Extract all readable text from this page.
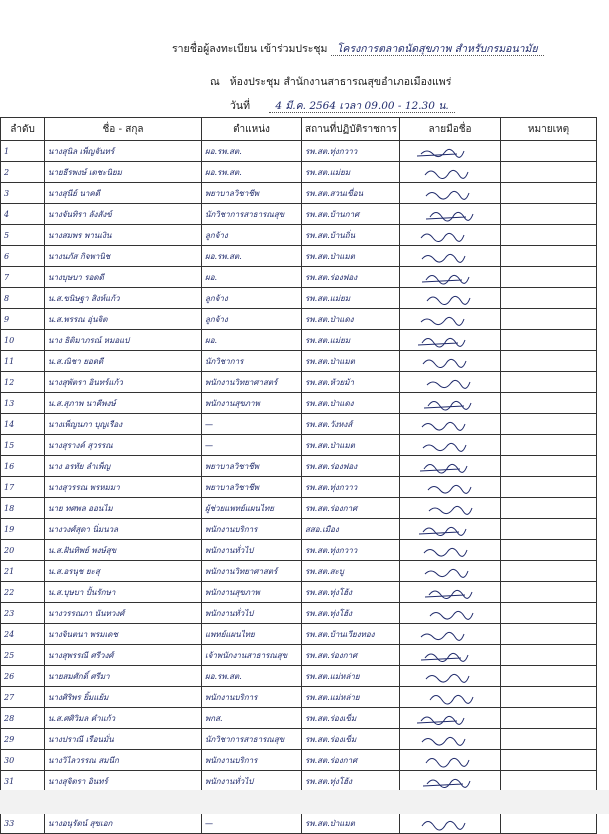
รายชื่อผู้ลงทะเบียน เข้าร่วมประชุม โครงการตลาดนัดสุขภาพ สำหรับกรมอนามัย
ณ ห้องประชุม สำนักงานสาธารณสุขอำเภอเมืองแพร่
วันที่ 4 มี.ค. 2564 เวลา 09.00 - 12.30 น.
ลำดับ	ชื่อ - สกุล	ตำแหน่ง	สถานที่ปฏิบัติราชการ	ลายมือชื่อ	หมายเหตุ
1	นางสุนิล เพ็ญจันทร์	ผอ.รพ.สต.	รพ.สต.ทุ่งกวาว	

2	นายธีรพงษ์ เตชะนิยม	ผอ.รพ.สต.	รพ.สต.แม่ยม	

3	นางสุนีย์ นาคดี	พยาบาลวิชาชีพ	รพ.สต.สวนเขื่อน	

4	นางจันทิรา ลังสังข์	นักวิชาการสาธารณสุข	รพ.สต.บ้านกาศ	

5	นางสมพร พานเงิน	ลูกจ้าง	รพ.สต.บ้านถิ่น	

6	นางนภัส กิจพานิช	ผอ.รพ.สต.	รพ.สต.ป่าแมต	

7	นางบุษบา รอดดี	ผอ.	รพ.สต.ร่องฟอง	

8	น.ส.ขนิษฐา สิงห์แก้ว	ลูกจ้าง	รพ.สต.แม่ยม	

9	น.ส.พรรณ อุ่นจิต	ลูกจ้าง	รพ.สต.ป่าแดง	

10	นาง ธิติมาภรณ์ หมอแป	ผอ.	รพ.สต.แม่ยม	

11	น.ส.ณิชา ยอดดี	นักวิชาการ	รพ.สต.ป่าแมต	

12	นางสุพัตรา อินทร์แก้ว	พนักงานวิทยาศาสตร์	รพ.สต.ห้วยม้า	

13	น.ส.สุภาพ นาคีพงษ์	พนักงานสุขภาพ	รพ.สต.ป่าแดง	

14	นางเพ็ญนภา บุญเรือง	—	รพ.สต.วังหงส์	

15	นางสุรางค์ สุวรรณ	—	รพ.สต.ป่าแมต	

16	นาง อรทัย ลำเพ็ญ	พยาบาลวิชาชีพ	รพ.สต.ร่องฟอง	

17	นางสุวรรณ พรหมมา	พยาบาลวิชาชีพ	รพ.สต.ทุ่งกวาว	

18	นาย ทศพล ออนไม	ผู้ช่วยแพทย์แผนไทย	รพ.สต.ร่องกาศ	

19	นางวงศ์สุดา นิ่มนวล	พนักงานบริการ	สสอ.เมือง	

20	น.ส.ฝันทิพย์ พงษ์สุข	พนักงานทั่วไป	รพ.สต.ทุ่งกวาว	

21	น.ส.อรนุช ยะสุ	พนักงานวิทยาศาสตร์	รพ.สต.สะบู	

22	น.ส.บุษบา ปั้นรักษา	พนักงานสุขภาพ	รพ.สต.ทุ่งโฮ้ง	

23	นางวรรณภา นันทวงศ์	พนักงานทั่วไป	รพ.สต.ทุ่งโฮ้ง	

24	นางจินตนา พรมเดช	แพทย์แผนไทย	รพ.สต.บ้านเวียงทอง	

25	นางสุพรรณี ศรีวงศ์	เจ้าพนักงานสาธารณสุข	รพ.สต.ร่องกาศ	

26	นายสมศักดิ์ ศรีมา	ผอ.รพ.สต.	รพ.สต.แม่หล่าย	

27	นางศิริพร ยิ้มแย้ม	พนักงานบริการ	รพ.สต.แม่หล่าย	

28	น.ส.ศศิวิมล คำแก้ว	พกส.	รพ.สต.ร่องเข็ม	

29	นางปราณี เรือนมั่น	นักวิชาการสาธารณสุข	รพ.สต.ร่องเข็ม	

30	นางวิไลวรรณ สมนึก	พนักงานบริการ	รพ.สต.ร่องกาศ	

31	นางสุจิตรา อินทร์	พนักงานทั่วไป	รพ.สต.ทุ่งโฮ้ง	

33	นางอนุรัตน์ สุขเอก	—	รพ.สต.ป่าแมต	
